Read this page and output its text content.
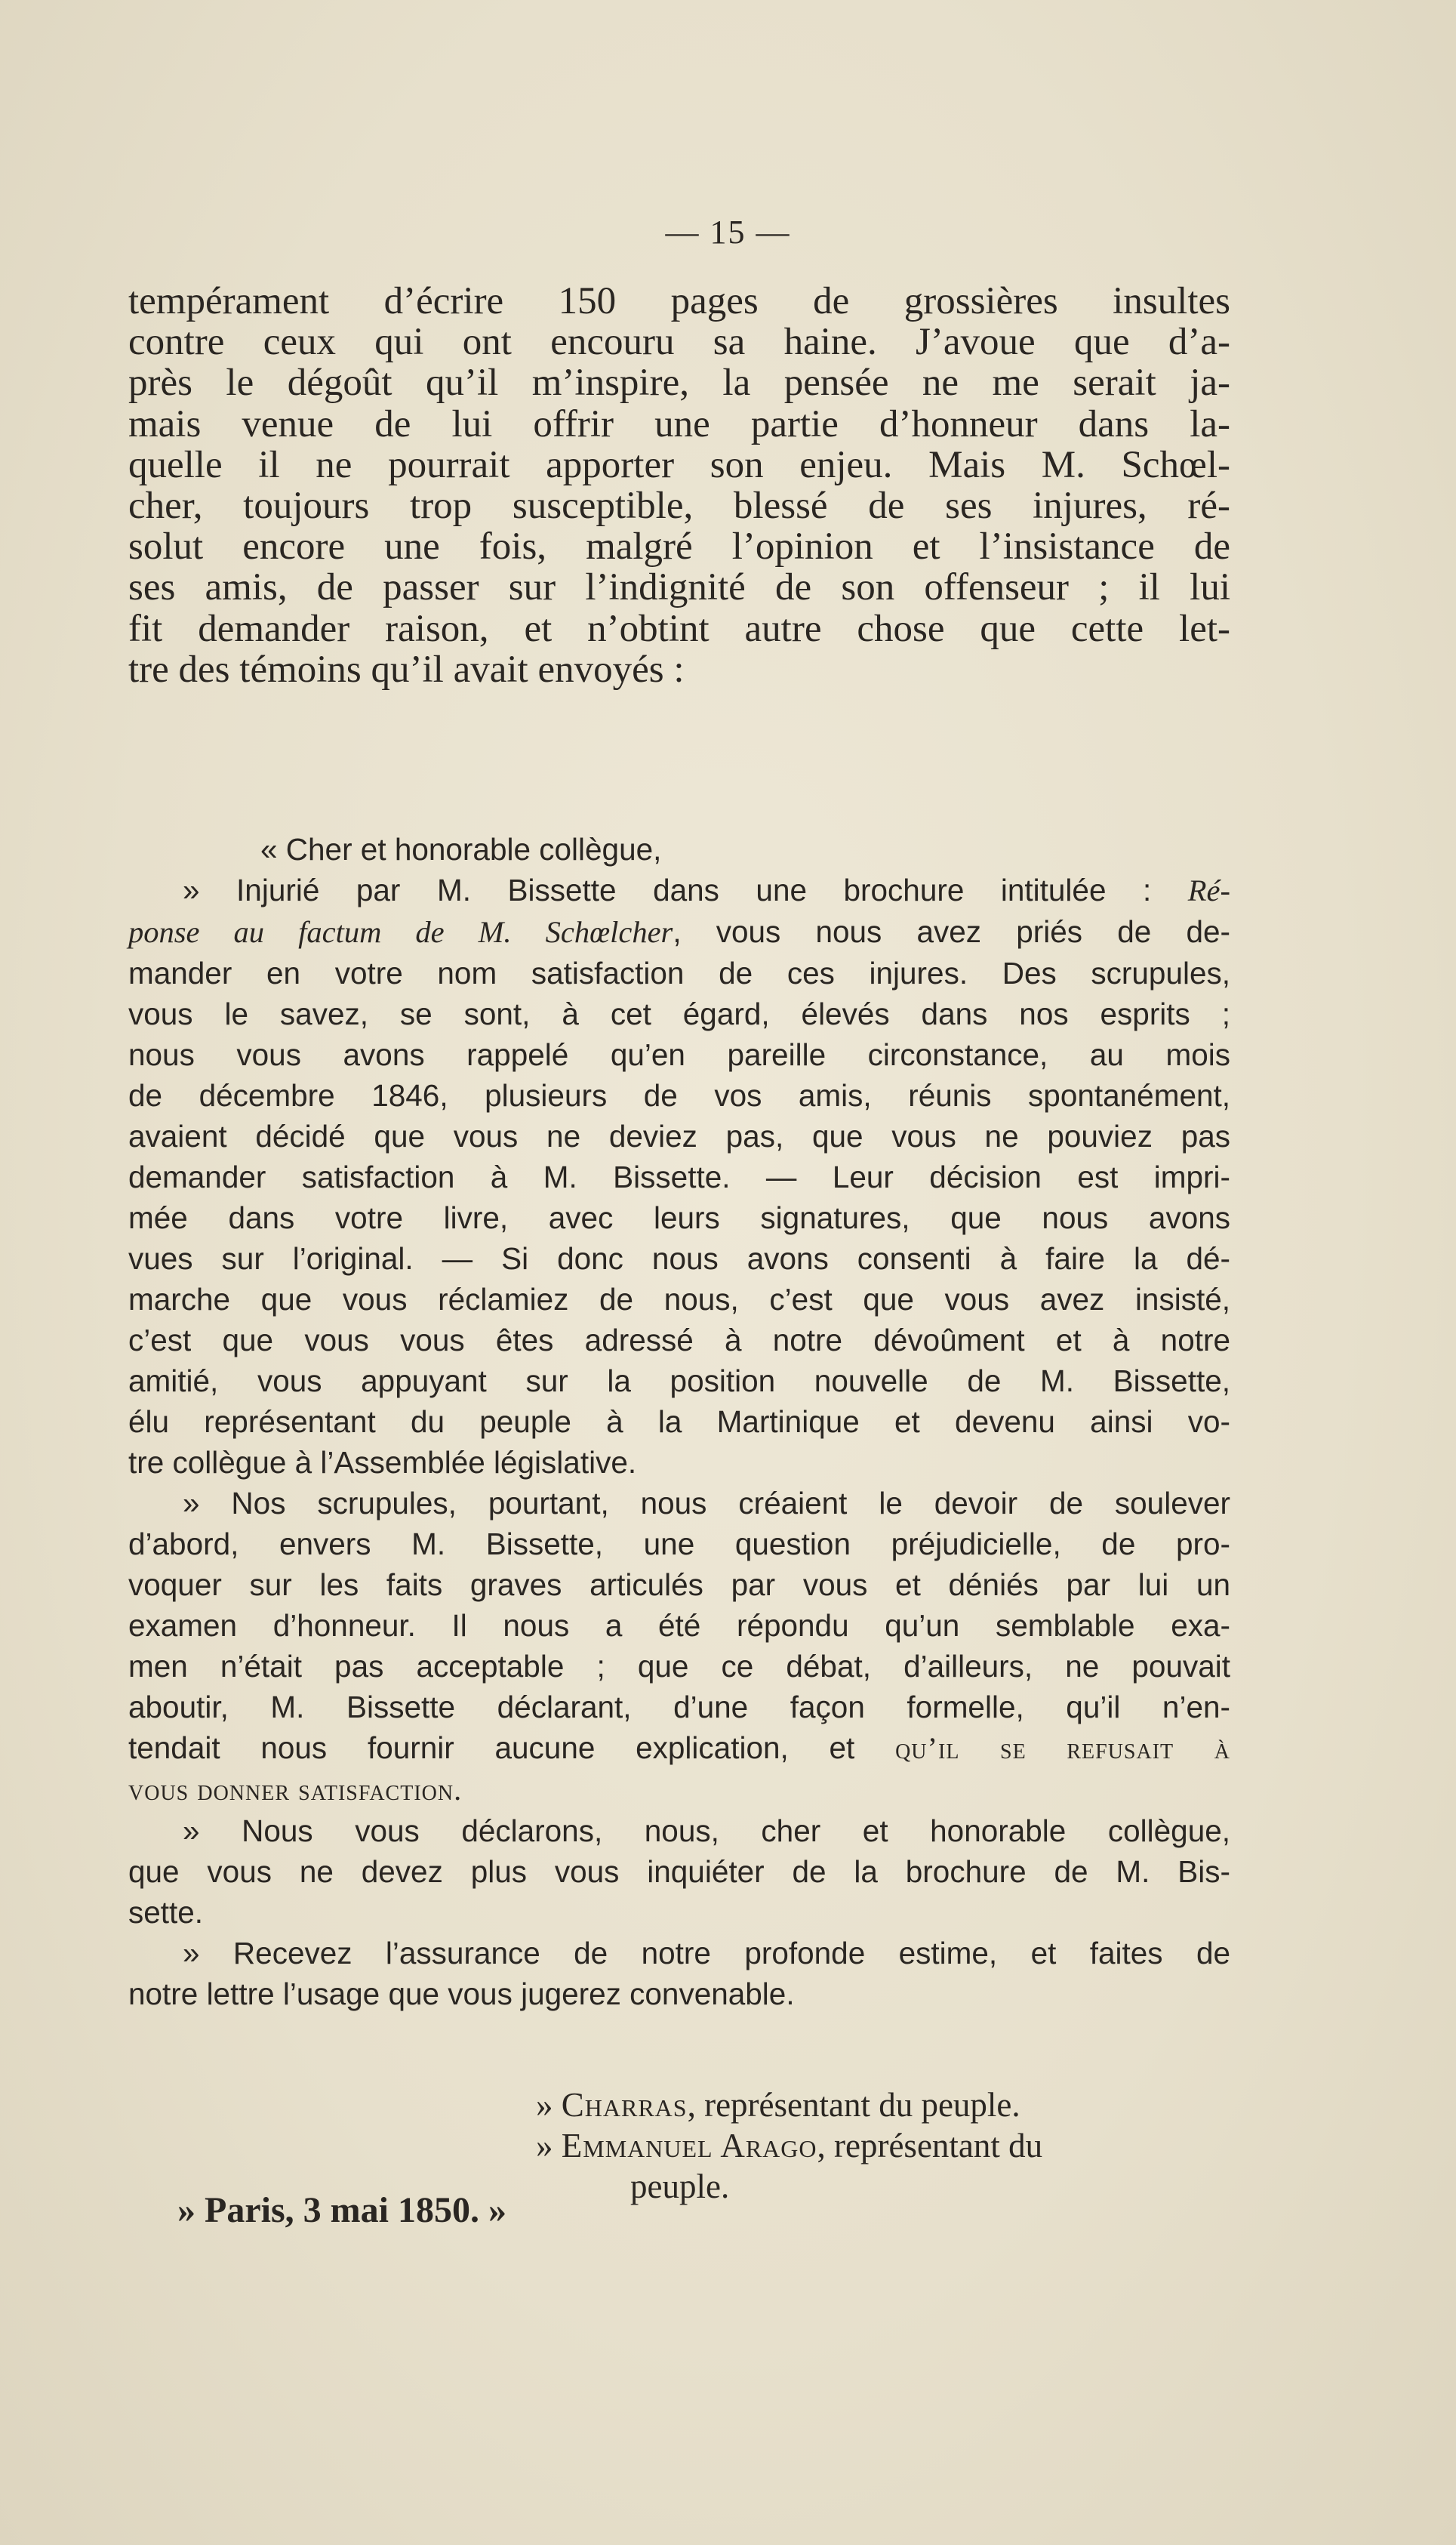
— 15 —
tempérament d’écrire 150 pages de grossières insultes
contre ceux qui ont encouru sa haine. J’avoue que d’a-
près le dégoût qu’il m’inspire, la pensée ne me serait ja-
mais venue de lui offrir une partie d’honneur dans la-
quelle il ne pourrait apporter son enjeu. Mais M. Schœl-
cher, toujours trop susceptible, blessé de ses injures, ré-
solut encore une fois, malgré l’opinion et l’insistance de
ses amis, de passer sur l’indignité de son offenseur ; il lui
fit demander raison, et n’obtint autre chose que cette let-
tre des témoins qu’il avait envoyés :
« Cher et honorable collègue,
» Injurié par M. Bissette dans une brochure intitulée : Ré-
ponse au factum de M. Schœlcher, vous nous avez priés de de-
mander en votre nom satisfaction de ces injures. Des scrupules,
vous le savez, se sont, à cet égard, élevés dans nos esprits ;
nous vous avons rappelé qu’en pareille circonstance, au mois
de décembre 1846, plusieurs de vos amis, réunis spontanément,
avaient décidé que vous ne deviez pas, que vous ne pouviez pas
demander satisfaction à M. Bissette. — Leur décision est impri-
mée dans votre livre, avec leurs signatures, que nous avons
vues sur l’original. — Si donc nous avons consenti à faire la dé-
marche que vous réclamiez de nous, c’est que vous avez insisté,
c’est que vous vous êtes adressé à notre dévoûment et à notre
amitié, vous appuyant sur la position nouvelle de M. Bissette,
élu représentant du peuple à la Martinique et devenu ainsi vo-
tre collègue à l’Assemblée législative.
» Nos scrupules, pourtant, nous créaient le devoir de soulever
d’abord, envers M. Bissette, une question préjudicielle, de pro-
voquer sur les faits graves articulés par vous et déniés par lui un
examen d’honneur. Il nous a été répondu qu’un semblable exa-
men n’était pas acceptable ; que ce débat, d’ailleurs, ne pouvait
aboutir, M. Bissette déclarant, d’une façon formelle, qu’il n’en-
tendait nous fournir aucune explication, et qu’il se refusait à
vous donner satisfaction.
» Nous vous déclarons, nous, cher et honorable collègue,
que vous ne devez plus vous inquiéter de la brochure de M. Bis-
sette.
» Recevez l’assurance de notre profonde estime, et faites de
notre lettre l’usage que vous jugerez convenable.
» Charras, représentant du peuple.
» Emmanuel Arago, représentant du
peuple.
» Paris, 3 mai 1850. »
